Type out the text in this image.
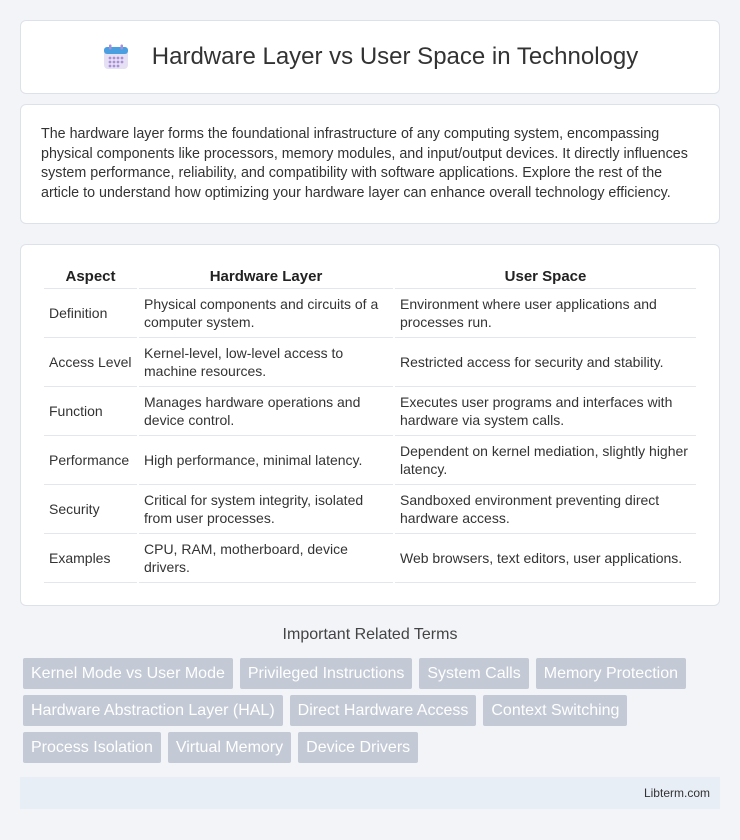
Hardware Layer vs User Space in Technology

The hardware layer forms the foundational infrastructure of any computing system, encompassing physical components like processors, memory modules, and input/output devices. It directly influences system performance, reliability, and compatibility with software applications. Explore the rest of the article to understand how optimizing your hardware layer can enhance overall technology efficiency.

Aspect	Hardware Layer	User Space
Definition	Physical components and circuits of a computer system.	Environment where user applications and processes run.
Access Level	Kernel-level, low-level access to machine resources.	Restricted access for security and stability.
Function	Manages hardware operations and device control.	Executes user programs and interfaces with hardware via system calls.
Performance	High performance, minimal latency.	Dependent on kernel mediation, slightly higher latency.
Security	Critical for system integrity, isolated from user processes.	Sandboxed environment preventing direct hardware access.
Examples	CPU, RAM, motherboard, device drivers.	Web browsers, text editors, user applications.
Important Related Terms
Kernel Mode vs User Mode	Privileged Instructions	System Calls	Memory Protection
Hardware Abstraction Layer (HAL)	Direct Hardware Access	Context Switching
Process Isolation	Virtual Memory	Device Drivers
Libterm.com
